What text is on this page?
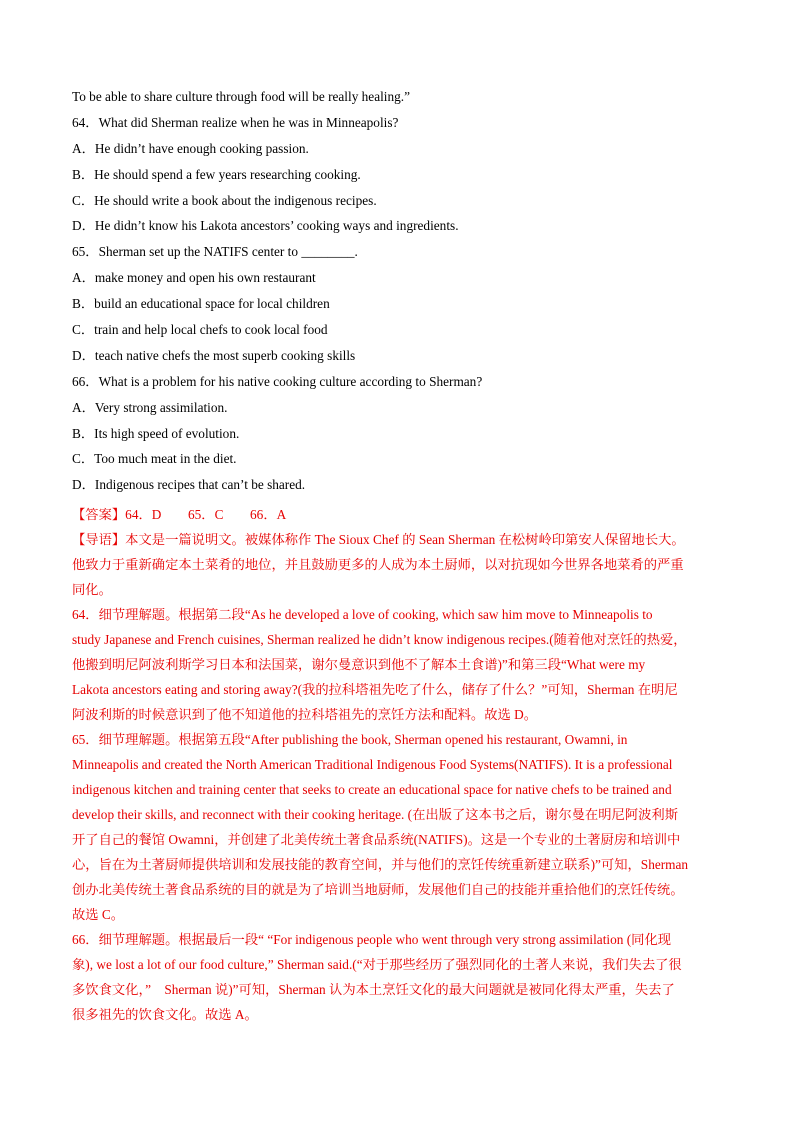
To be able to share culture through food will be really healing.”

64．What did Sherman realize when he was in Minneapolis?

A．He didn’t have enough cooking passion.

B．He should spend a few years researching cooking.

C．He should write a book about the indigenous recipes.

D．He didn’t know his Lakota ancestors’ cooking ways and ingredients.

65．Sherman set up the NATIFS center to ________.

A．make money and open his own restaurant

B．build an educational space for local children

C．train and help local chefs to cook local food

D．teach native chefs the most superb cooking skills

66．What is a problem for his native cooking culture according to Sherman?

A．Very strong assimilation.

B．Its high speed of evolution.

C．Too much meat in the diet.

D．Indigenous recipes that can’t be shared.

【答案】64．D　　65．C　　66．A

【导语】本文是一篇说明文。被媒体称作 The Sioux Chef 的 Sean Sherman 在松树岭印第安人保留地长大。
他致力于重新确定本土菜肴的地位，并且鼓励更多的人成为本土厨师，以对抗现如今世界各地菜肴的严重
同化。

64．细节理解题。根据第二段“As he developed a love of cooking, which saw him move to Minneapolis to
study Japanese and French cuisines, Sherman realized he didn’t know indigenous recipes.(随着他对烹饪的热爱，
他搬到明尼阿波利斯学习日本和法国菜，谢尔曼意识到他不了解本土食谱)”和第三段“What were my
Lakota ancestors eating and storing away?(我的拉科塔祖先吃了什么，储存了什么？”可知，Sherman 在明尼
阿波利斯的时候意识到了他不知道他的拉科塔祖先的烹饪方法和配料。故选 D。

65．细节理解题。根据第五段“After publishing the book, Sherman opened his restaurant, Owamni, in
Minneapolis and created the North American Traditional Indigenous Food Systems(NATIFS). It is a professional
indigenous kitchen and training center that seeks to create an educational space for native chefs to be trained and
develop their skills, and reconnect with their cooking heritage. (在出版了这本书之后，谢尔曼在明尼阿波利斯
开了自己的餐馆 Owamni，并创建了北美传统土著食品系统(NATIFS)。这是一个专业的土著厨房和培训中
心，旨在为土著厨师提供培训和发展技能的教育空间，并与他们的烹饪传统重新建立联系)”可知，Sherman
创办北美传统土著食品系统的目的就是为了培训当地厨师，发展他们自己的技能并重拾他们的烹饪传统。
故选 C。

66．细节理解题。根据最后一段“ “For indigenous people who went through very strong assimilation (同化现
象), we lost a lot of our food culture,” Sherman said.(“对于那些经历了强烈同化的土著人来说，我们失去了很
多饮食文化，”　Sherman 说)”可知，Sherman 认为本土烹饪文化的最大问题就是被同化得太严重，失去了
很多祖先的饮食文化。故选 A。
